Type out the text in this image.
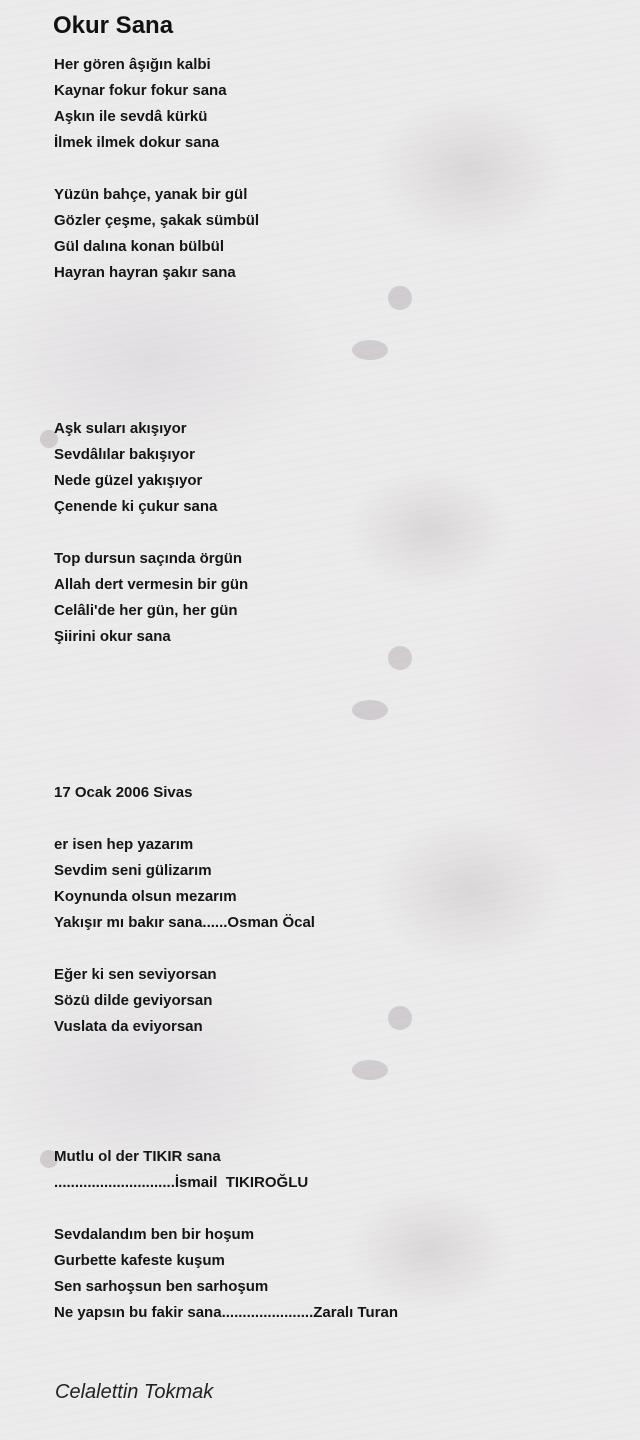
Okur Sana
Her gören âşığın kalbi
Kaynar fokur fokur sana
Aşkın ile sevdâ kürkü
İlmek ilmek dokur sana
Yüzün bahçe, yanak bir gül
Gözler çeşme, şakak sümbül
Gül dalına konan bülbül
Hayran hayran şakır sana
Aşk suları akışıyor
Sevdâlılar bakışıyor
Nede güzel yakışıyor
Çenende ki çukur sana
Top dursun saçında örgün
Allah dert vermesin bir gün
Celâli'de her gün, her gün
Şiirini okur sana
17 Ocak 2006 Sivas
er isen hep yazarım
Sevdim seni gülizarım
Koynunda olsun mezarım
Yakışır mı bakır sana......Osman Öcal
Eğer ki sen seviyorsan
Sözü dilde geviyorsan
Vuslata da eviyorsan
Mutlu ol der TIKIR sana
.............................İsmail  TIKIROĞLU
Sevdalandım ben bir hoşum
Gurbette kafeste kuşum
Sen sarhoşsun ben sarhoşum
Ne yapsın bu fakir sana......................Zaralı Turan
Celalettin Tokmak
